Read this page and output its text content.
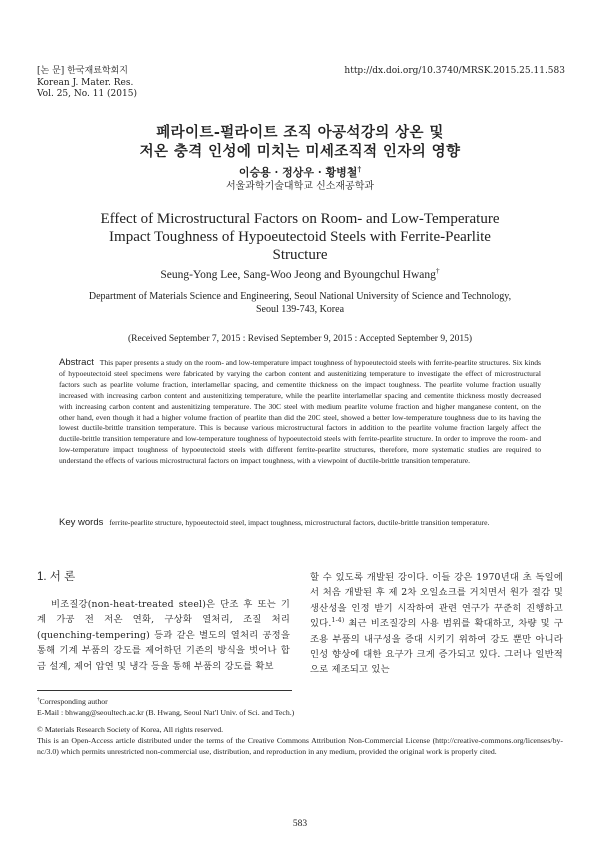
[논 문] 한국재료학회지
Korean J. Mater. Res.
Vol. 25, No. 11 (2015)
http://dx.doi.org/10.3740/MRSK.2015.25.11.583
페라이트-펄라이트 조직 아공석강의 상온 및
저온 충격 인성에 미치는 미세조직적 인자의 영향
이승용 · 정상우 · 황병철†
서울과학기술대학교 신소재공학과
Effect of Microstructural Factors on Room- and Low-Temperature
Impact Toughness of Hypoeutectoid Steels with Ferrite-Pearlite
Structure
Seung-Yong Lee, Sang-Woo Jeong and Byoungchul Hwang†
Department of Materials Science and Engineering, Seoul National University of Science and Technology,
Seoul 139-743, Korea
(Received September 7, 2015 : Revised September 9, 2015 : Accepted September 9, 2015)
Abstract This paper presents a study on the room- and low-temperature impact toughness of hypoeutectoid steels with ferrite-pearlite structures. Six kinds of hypoeutectoid steel specimens were fabricated by varying the carbon content and austenitizing temperature to investigate the effect of microstructural factors such as pearlite volume fraction, interlamellar spacing, and cementite thickness on the impact toughness. The pearlite volume fraction usually increased with increasing carbon content and austenitizing temperature, while the pearlite interlamellar spacing and cementite thickness mostly decreased with increasing carbon content and austenitizing temperature. The 30C steel with medium pearlite volume fraction and higher manganese content, on the other hand, even though it had a higher volume fraction of pearlite than did the 20C steel, showed a better low-temperature toughness due to its having the lowest ductile-brittle transition temperature. This is because various microstructural factors in addition to the pearlite volume fraction largely affect the ductile-brittle transition temperature and low-temperature toughness of hypoeutectoid steels with ferrite-pearlite structure. In order to improve the room- and low-temperature impact toughness of hypoeutectoid steels with different ferrite-pearlite structures, therefore, more systematic studies are required to understand the effects of various microstructural factors on impact toughness, with a viewpoint of ductile-brittle transition temperature.
Key words ferrite-pearlite structure, hypoeutectoid steel, impact toughness, microstructural factors, ductile-brittle transition temperature.
1. 서 론
비조질강(non-heat-treated steel)은 단조 후 또는 기계 가공 전 저온 연화, 구상화 열처리, 조질 처리(quenching-tempering) 등과 같은 별도의 열처리 공정을 통해 기계 부품의 강도를 제어하던 기존의 방식을 벗어나 합금 설계, 제어 압연 및 냉각 등을 통해 부품의 강도를 확보
할 수 있도록 개발된 강이다. 이들 강은 1970년대 초 독일에서 처음 개발된 후 제 2차 오일쇼크를 거치면서 원가 절감 및 생산성을 인정 받기 시작하여 관련 연구가 꾸준히 진행하고 있다.$^{1-4)}$ 최근 비조질강의 사용 범위를 확대하고, 차량 및 구조용 부품의 내구성을 증대 시키기 위하여 강도 뿐만 아니라 인성 향상에 대한 요구가 크게 증가되고 있다. 그러나 일반적으로 제조되고 있는
†Corresponding author
E-Mail : bhwang@seoultech.ac.kr (B. Hwang, Seoul Nat'l Univ. of Sci. and Tech.)
© Materials Research Society of Korea, All rights reserved.
This is an Open-Access article distributed under the terms of the Creative Commons Attribution Non-Commercial License (http://creative-commons.org/licenses/by-nc/3.0) which permits unrestricted non-commercial use, distribution, and reproduction in any medium, provided the original work is properly cited.
583
